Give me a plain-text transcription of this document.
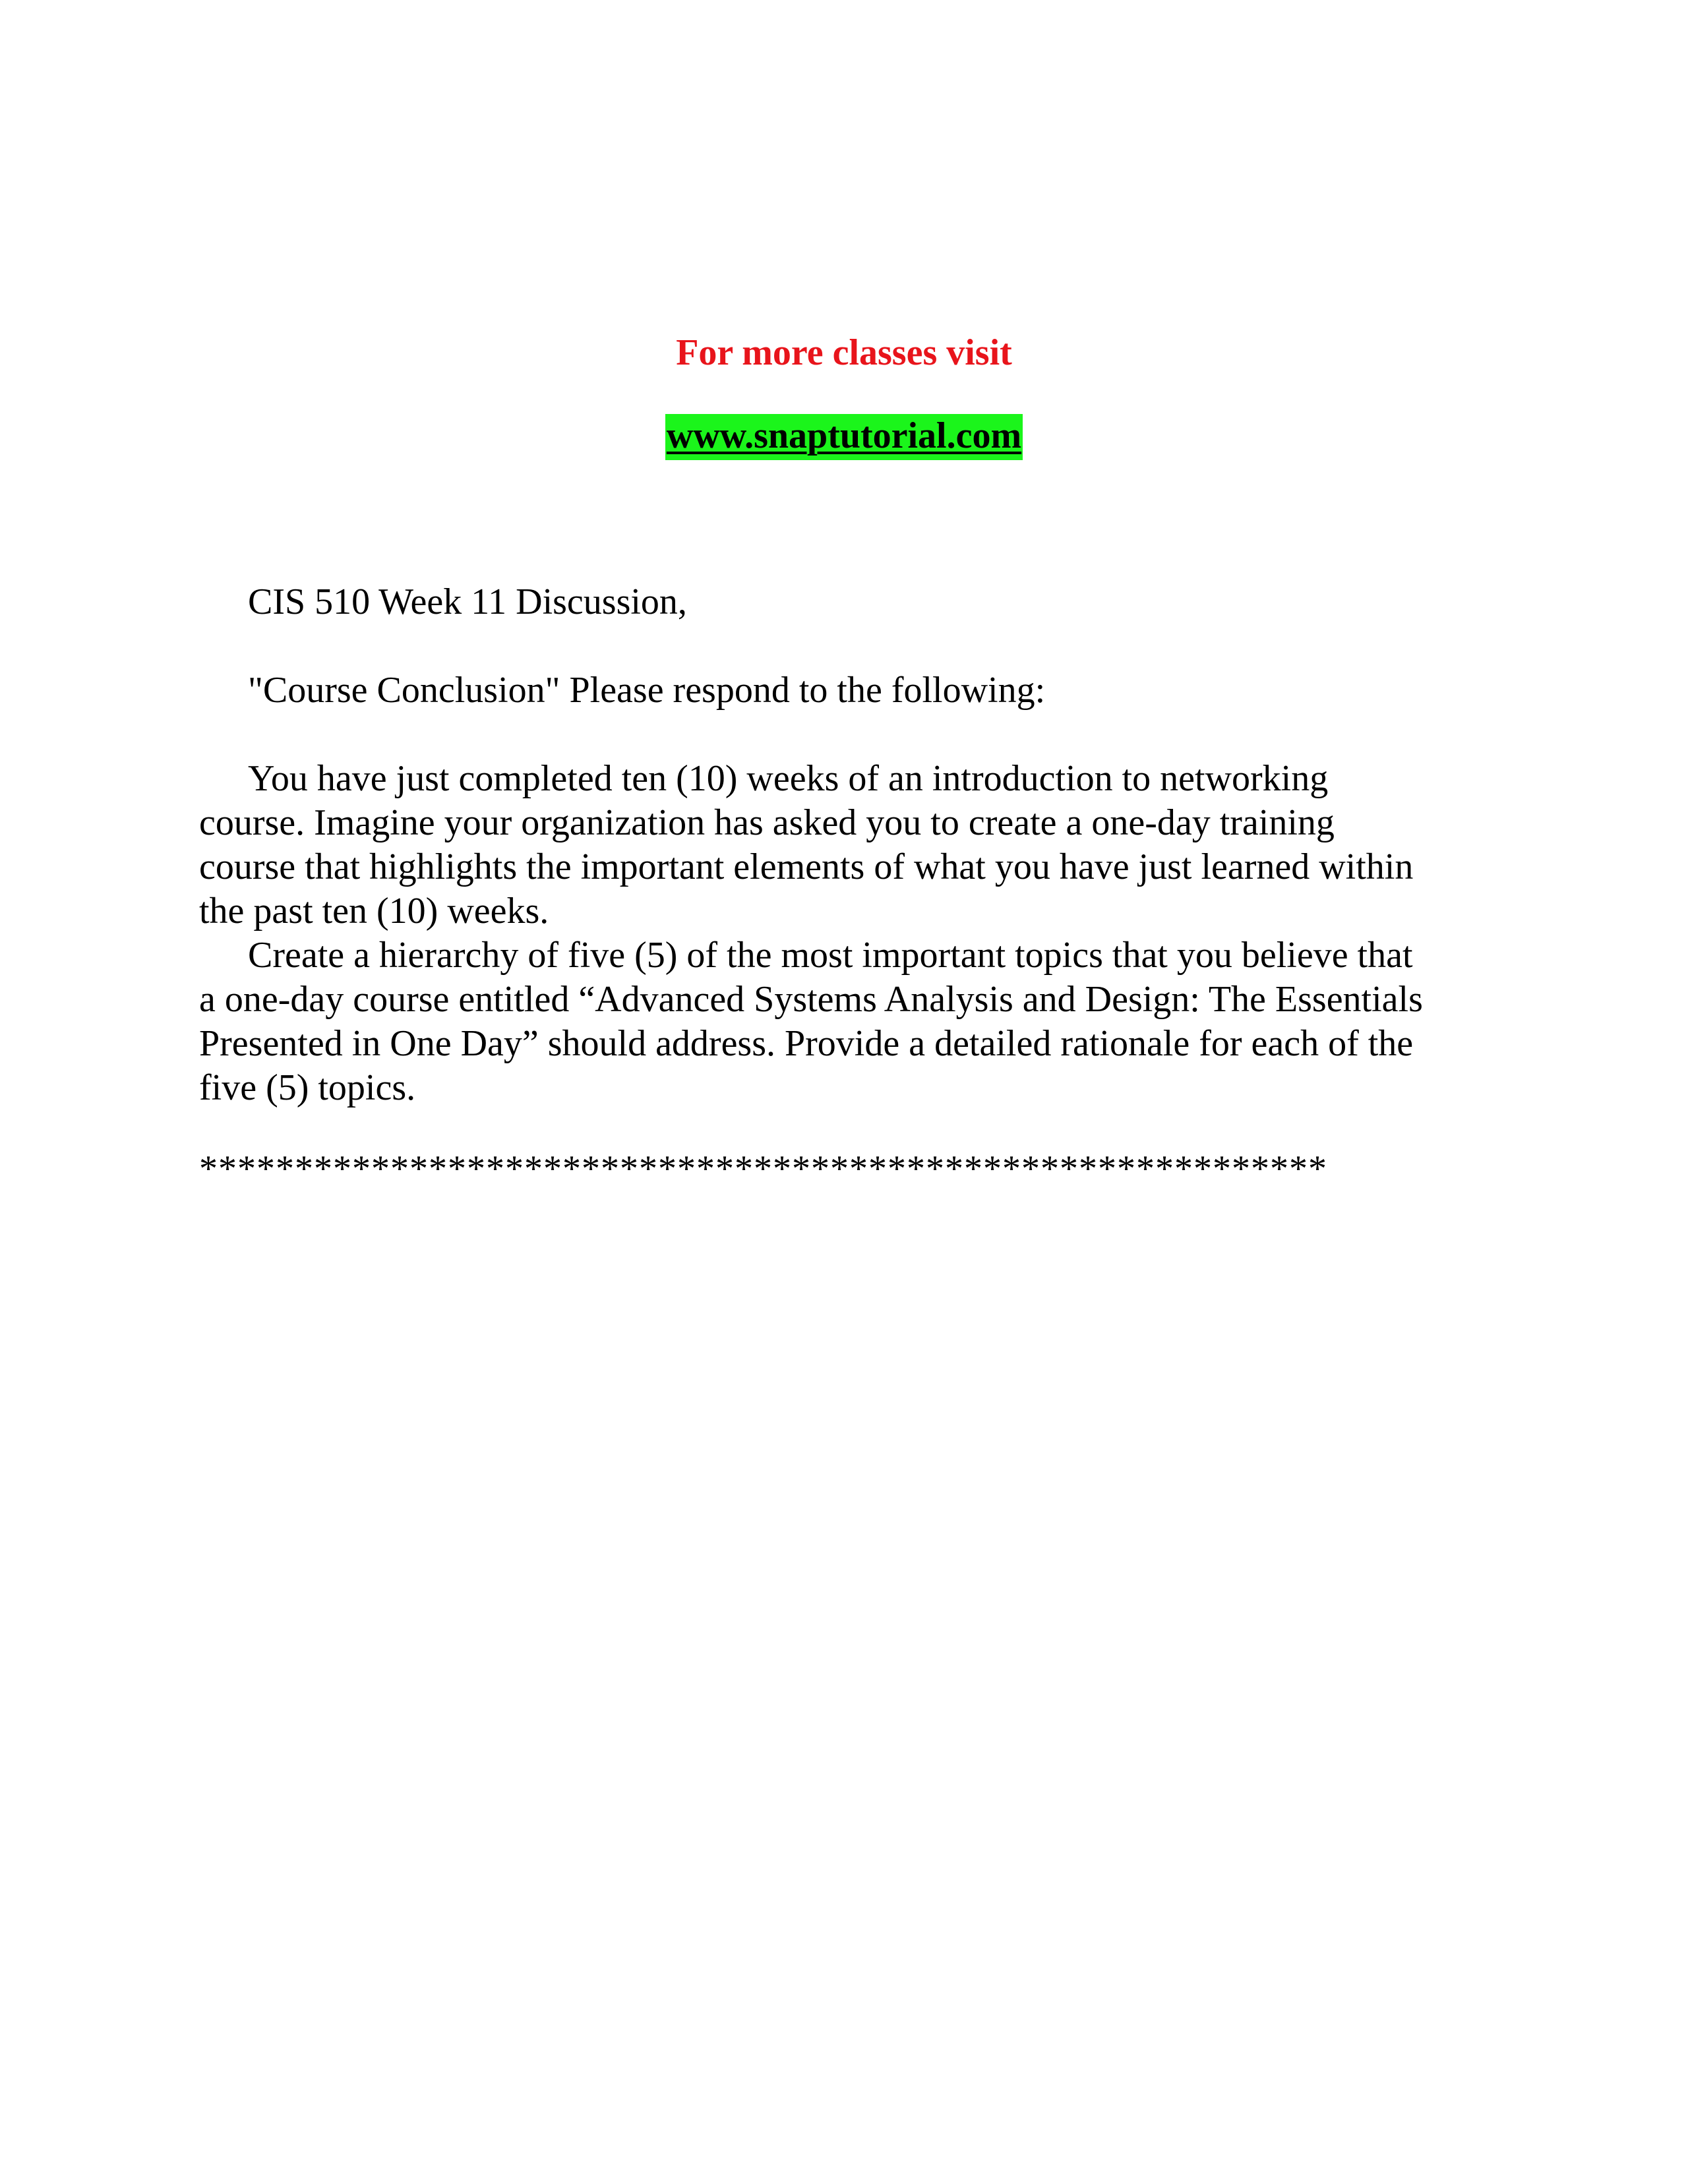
For more classes visit
www.snaptutorial.com
CIS 510 Week 11 Discussion,
"Course Conclusion" Please respond to the following:
You have just completed ten (10) weeks of an introduction to networking
course. Imagine your organization has asked you to create a one-day training
course that highlights the important elements of what you have just learned within
the past ten (10) weeks.
Create a hierarchy of five (5) of the most important topics that you believe that
a one-day course entitled “Advanced Systems Analysis and Design: The Essentials
Presented in One Day” should address. Provide a detailed rationale for each of the
five (5) topics.
***********************************************************
